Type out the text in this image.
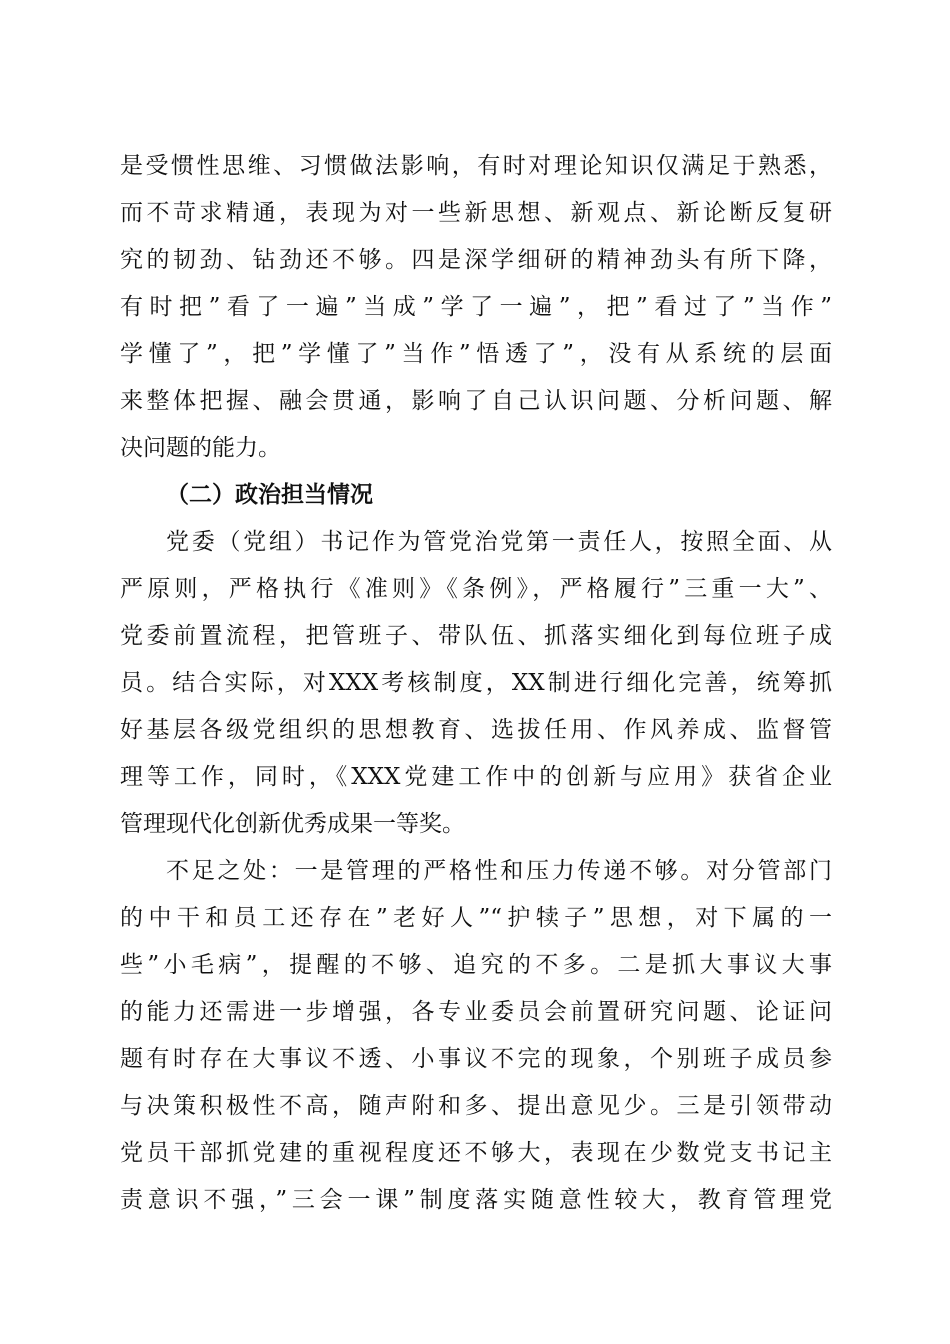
是受惯性思维、习惯做法影响，有时对理论知识仅满足于熟悉，
而不苛求精通，表现为对一些新思想、新观点、新论断反复研
究的韧劲、钻劲还不够。四是深学细研的精神劲头有所下降，
有时把”看了一遍”当成”学了一遍”，把”看过了”当作”
学懂了”，把”学懂了”当作”悟透了”，没有从系统的层面
来整体把握、融会贯通，影响了自己认识问题、分析问题、解
决问题的能力。
（二）政治担当情况
党委（党组）书记作为管党治党第一责任人，按照全面、从
严原则，严格执行《准则》《条例》，严格履行”三重一大”、
党委前置流程，把管班子、带队伍、抓落实细化到每位班子成
员。结合实际，对XXX考核制度，XX制进行细化完善，统筹抓
好基层各级党组织的思想教育、选拔任用、作风养成、监督管
理等工作，同时，《XXX党建工作中的创新与应用》获省企业
管理现代化创新优秀成果一等奖。
不足之处：一是管理的严格性和压力传递不够。对分管部门
的中干和员工还存在”老好人”“护犊子”思想，对下属的一
些”小毛病”，提醒的不够、追究的不多。二是抓大事议大事
的能力还需进一步增强，各专业委员会前置研究问题、论证问
题有时存在大事议不透、小事议不完的现象，个别班子成员参
与决策积极性不高，随声附和多、提出意见少。三是引领带动
党员干部抓党建的重视程度还不够大，表现在少数党支书记主
责意识不强，”三会一课”制度落实随意性较大，教育管理党
